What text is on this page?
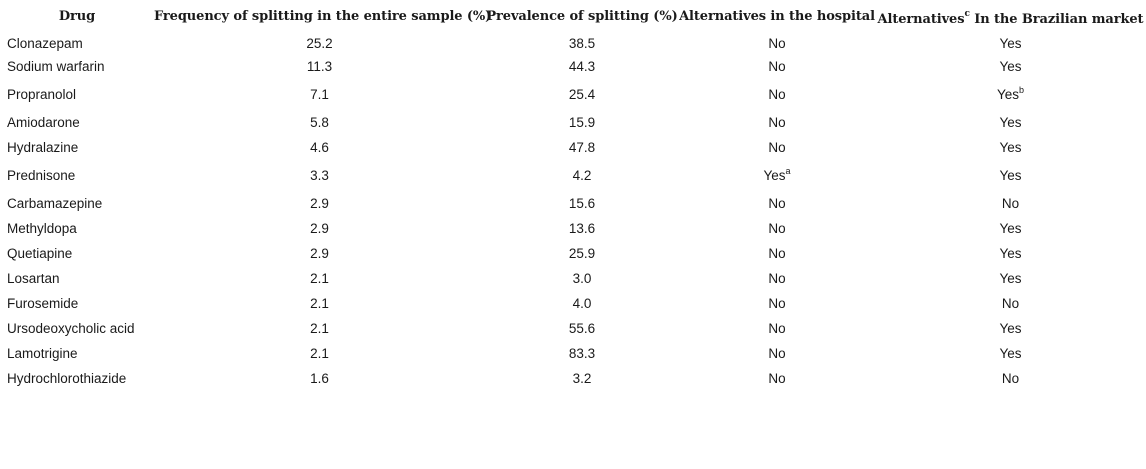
Drug	Frequency of splitting in the entire sample (%)	Prevalence of splitting (%)	Alternatives in the hospital	Alternatives$^c$ In the Brazilian market
Clonazepam	25.2	38.5	No	Yes
Sodium warfarin	11.3	44.3	No	Yes
Propranolol	7.1	25.4	No	Yes$^b$
Amiodarone	5.8	15.9	No	Yes
Hydralazine	4.6	47.8	No	Yes
Prednisone	3.3	4.2	Yes$^a$	Yes
Carbamazepine	2.9	15.6	No	No
Methyldopa	2.9	13.6	No	Yes
Quetiapine	2.9	25.9	No	Yes
Losartan	2.1	3.0	No	Yes
Furosemide	2.1	4.0	No	No
Ursodeoxycholic acid	2.1	55.6	No	Yes
Lamotrigine	2.1	83.3	No	Yes
Hydrochlorothiazide	1.6	3.2	No	No
